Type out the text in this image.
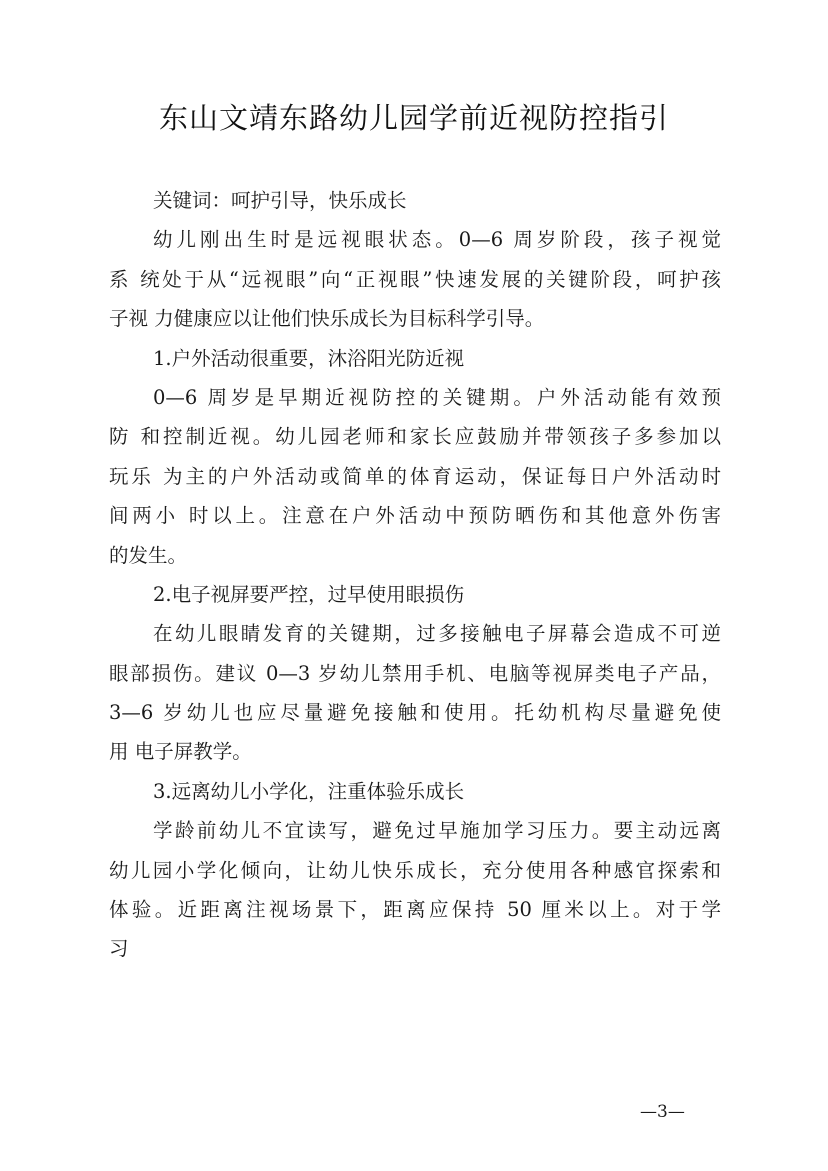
东山文靖东路幼儿园学前近视防控指引
关键词：呵护引导，快乐成长
幼儿刚出生时是远视眼状态。0—6 周岁阶段，孩子视觉
系 统处于从“远视眼”向“正视眼”快速发展的关键阶段，呵护孩
子视 力健康应以让他们快乐成长为目标科学引导。
1.户外活动很重要，沐浴阳光防近视
0—6 周岁是早期近视防控的关键期。户外活动能有效预
防 和控制近视。幼儿园老师和家长应鼓励并带领孩子多参加以
玩乐 为主的户外活动或简单的体育运动，保证每日户外活动时
间两小 时以上。注意在户外活动中预防晒伤和其他意外伤害
的发生。
2.电子视屏要严控，过早使用眼损伤
在幼儿眼睛发育的关键期，过多接触电子屏幕会造成不可逆
眼部损伤。建议 0—3 岁幼儿禁用手机、电脑等视屏类电子产品，
3—6 岁幼儿也应尽量避免接触和使用。托幼机构尽量避免使
用 电子屏教学。
3.远离幼儿小学化，注重体验乐成长
学龄前幼儿不宜读写，避免过早施加学习压力。要主动远离
幼儿园小学化倾向，让幼儿快乐成长，充分使用各种感官探索和
体验。近距离注视场景下，距离应保持 50 厘米以上。对于学
习
—3—
